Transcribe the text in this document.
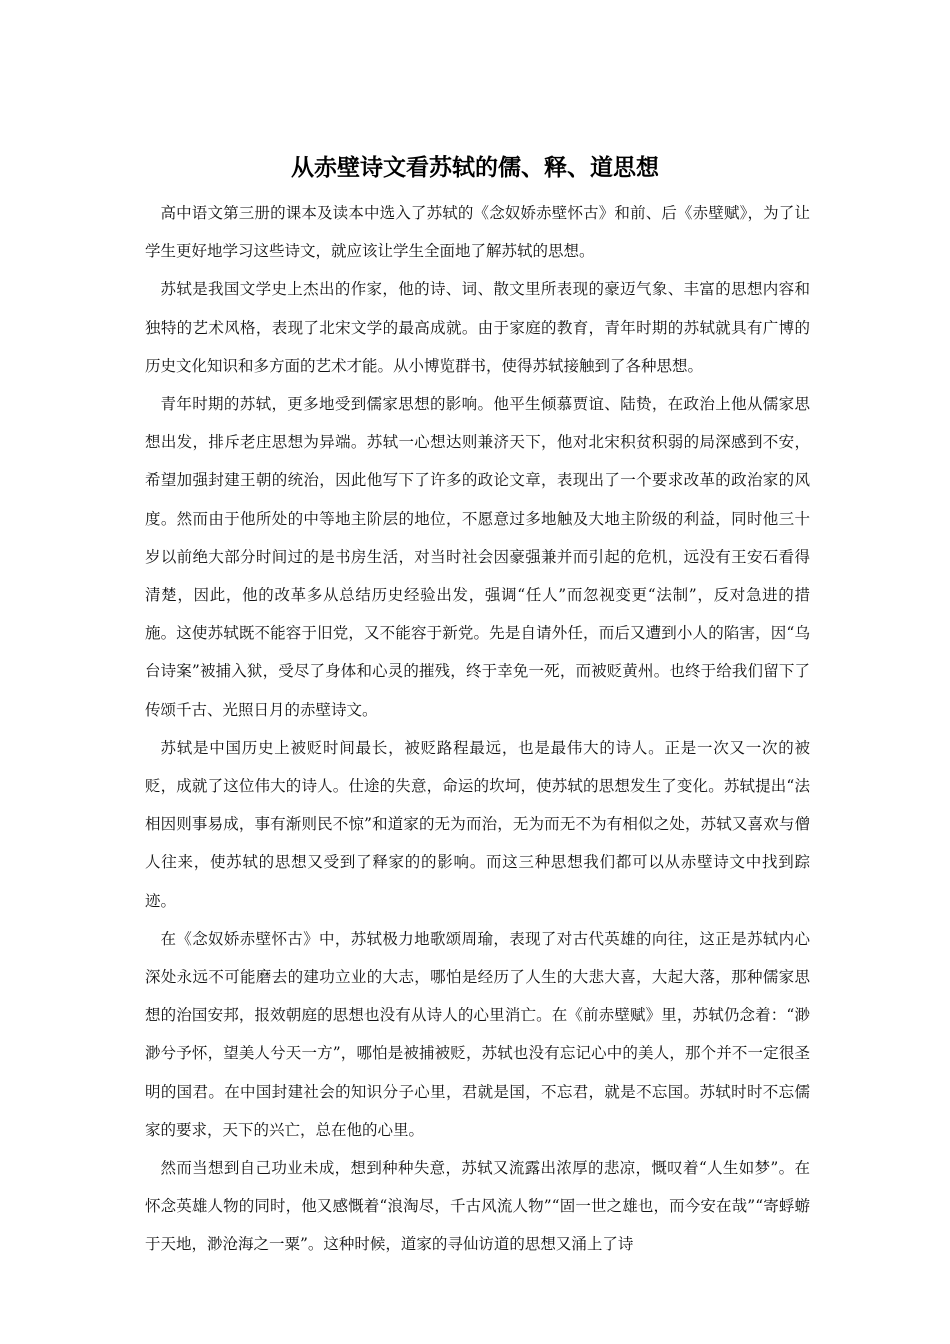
从赤壁诗文看苏轼的儒、释、道思想

高中语文第三册的课本及读本中选入了苏轼的《念奴娇赤壁怀古》和前、后《赤壁赋》，为了让学生更好地学习这些诗文，就应该让学生全面地了解苏轼的思想。

苏轼是我国文学史上杰出的作家，他的诗、词、散文里所表现的豪迈气象、丰富的思想内容和独特的艺术风格，表现了北宋文学的最高成就。由于家庭的教育，青年时期的苏轼就具有广博的历史文化知识和多方面的艺术才能。从小博览群书，使得苏轼接触到了各种思想。

青年时期的苏轼，更多地受到儒家思想的影响。他平生倾慕贾谊、陆贽，在政治上他从儒家思想出发，排斥老庄思想为异端。苏轼一心想达则兼济天下，他对北宋积贫积弱的局深感到不安，希望加强封建王朝的统治，因此他写下了许多的政论文章，表现出了一个要求改革的政治家的风度。然而由于他所处的中等地主阶层的地位，不愿意过多地触及大地主阶级的利益，同时他三十岁以前绝大部分时间过的是书房生活，对当时社会因豪强兼并而引起的危机，远没有王安石看得清楚，因此，他的改革多从总结历史经验出发，强调“任人”而忽视变更“法制”，反对急进的措施。这使苏轼既不能容于旧党，又不能容于新党。先是自请外任，而后又遭到小人的陷害，因“乌台诗案”被捕入狱，受尽了身体和心灵的摧残，终于幸免一死，而被贬黄州。也终于给我们留下了传颂千古、光照日月的赤壁诗文。

苏轼是中国历史上被贬时间最长，被贬路程最远，也是最伟大的诗人。正是一次又一次的被贬，成就了这位伟大的诗人。仕途的失意，命运的坎坷，使苏轼的思想发生了变化。苏轼提出“法相因则事易成，事有渐则民不惊”和道家的无为而治，无为而无不为有相似之处，苏轼又喜欢与僧人往来，使苏轼的思想又受到了释家的的影响。而这三种思想我们都可以从赤壁诗文中找到踪迹。

在《念奴娇赤壁怀古》中，苏轼极力地歌颂周瑜，表现了对古代英雄的向往，这正是苏轼内心深处永远不可能磨去的建功立业的大志，哪怕是经历了人生的大悲大喜，大起大落，那种儒家思想的治国安邦，报效朝庭的思想也没有从诗人的心里消亡。在《前赤壁赋》里，苏轼仍念着：“渺渺兮予怀，望美人兮天一方”，哪怕是被捕被贬，苏轼也没有忘记心中的美人，那个并不一定很圣明的国君。在中国封建社会的知识分子心里，君就是国，不忘君，就是不忘国。苏轼时时不忘儒家的要求，天下的兴亡，总在他的心里。

然而当想到自己功业未成，想到种种失意，苏轼又流露出浓厚的悲凉，慨叹着“人生如梦”。在怀念英雄人物的同时，他又感慨着“浪淘尽，千古风流人物”“固一世之雄也，而今安在哉”“寄蜉蝣于天地，渺沧海之一粟”。这种时候，道家的寻仙访道的思想又涌上了诗
